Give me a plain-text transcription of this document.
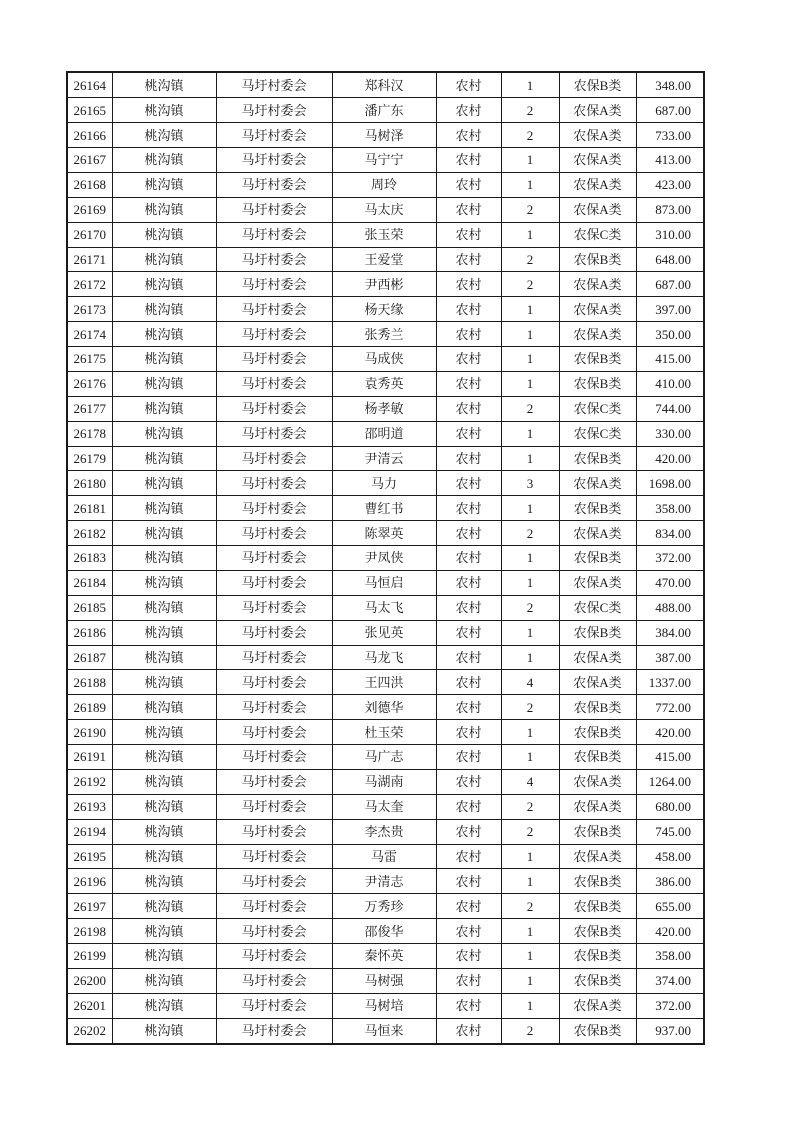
26164	桃沟镇	马圩村委会	郑科汉	农村	1	农保B类	348.00
26165	桃沟镇	马圩村委会	潘广东	农村	2	农保A类	687.00
26166	桃沟镇	马圩村委会	马树泽	农村	2	农保A类	733.00
26167	桃沟镇	马圩村委会	马宁宁	农村	1	农保A类	413.00
26168	桃沟镇	马圩村委会	周玲	农村	1	农保A类	423.00
26169	桃沟镇	马圩村委会	马太庆	农村	2	农保A类	873.00
26170	桃沟镇	马圩村委会	张玉荣	农村	1	农保C类	310.00
26171	桃沟镇	马圩村委会	王爱堂	农村	2	农保B类	648.00
26172	桃沟镇	马圩村委会	尹西彬	农村	2	农保A类	687.00
26173	桃沟镇	马圩村委会	杨天缘	农村	1	农保A类	397.00
26174	桃沟镇	马圩村委会	张秀兰	农村	1	农保A类	350.00
26175	桃沟镇	马圩村委会	马成侠	农村	1	农保B类	415.00
26176	桃沟镇	马圩村委会	袁秀英	农村	1	农保B类	410.00
26177	桃沟镇	马圩村委会	杨孝敏	农村	2	农保C类	744.00
26178	桃沟镇	马圩村委会	邵明道	农村	1	农保C类	330.00
26179	桃沟镇	马圩村委会	尹清云	农村	1	农保B类	420.00
26180	桃沟镇	马圩村委会	马力	农村	3	农保A类	1698.00
26181	桃沟镇	马圩村委会	曹红书	农村	1	农保B类	358.00
26182	桃沟镇	马圩村委会	陈翠英	农村	2	农保A类	834.00
26183	桃沟镇	马圩村委会	尹凤侠	农村	1	农保B类	372.00
26184	桃沟镇	马圩村委会	马恒启	农村	1	农保A类	470.00
26185	桃沟镇	马圩村委会	马太飞	农村	2	农保C类	488.00
26186	桃沟镇	马圩村委会	张见英	农村	1	农保B类	384.00
26187	桃沟镇	马圩村委会	马龙飞	农村	1	农保A类	387.00
26188	桃沟镇	马圩村委会	王四洪	农村	4	农保A类	1337.00
26189	桃沟镇	马圩村委会	刘德华	农村	2	农保B类	772.00
26190	桃沟镇	马圩村委会	杜玉荣	农村	1	农保B类	420.00
26191	桃沟镇	马圩村委会	马广志	农村	1	农保B类	415.00
26192	桃沟镇	马圩村委会	马湖南	农村	4	农保A类	1264.00
26193	桃沟镇	马圩村委会	马太奎	农村	2	农保A类	680.00
26194	桃沟镇	马圩村委会	李杰贵	农村	2	农保B类	745.00
26195	桃沟镇	马圩村委会	马雷	农村	1	农保A类	458.00
26196	桃沟镇	马圩村委会	尹清志	农村	1	农保B类	386.00
26197	桃沟镇	马圩村委会	万秀珍	农村	2	农保B类	655.00
26198	桃沟镇	马圩村委会	邵俊华	农村	1	农保B类	420.00
26199	桃沟镇	马圩村委会	秦怀英	农村	1	农保B类	358.00
26200	桃沟镇	马圩村委会	马树强	农村	1	农保B类	374.00
26201	桃沟镇	马圩村委会	马树培	农村	1	农保A类	372.00
26202	桃沟镇	马圩村委会	马恒来	农村	2	农保B类	937.00
